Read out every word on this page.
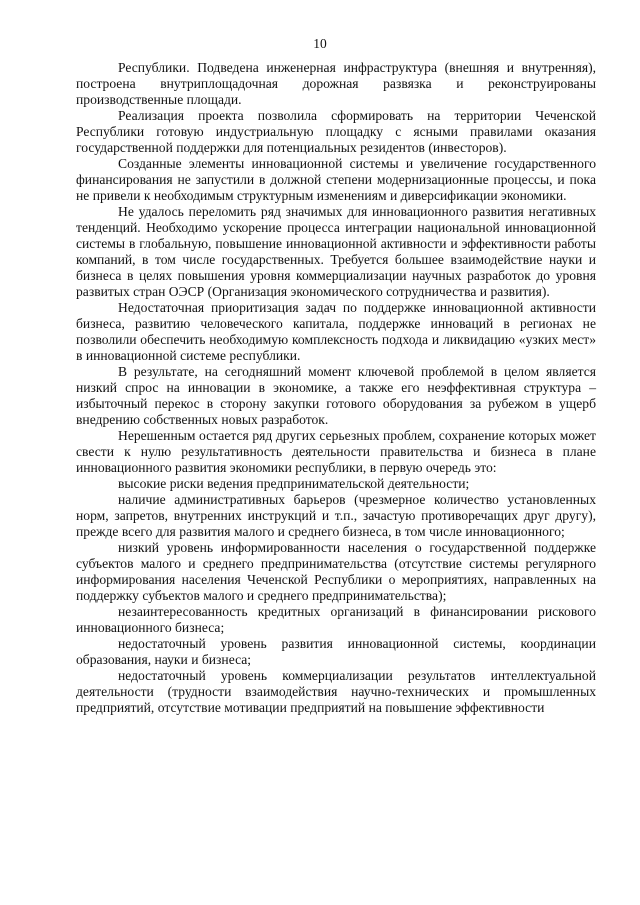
10

Республики. Подведена инженерная инфраструктура (внешняя и внутренняя), построена внутриплощадочная дорожная развязка и реконструированы производственные площади.

Реализация проекта позволила сформировать на территории Чеченской Республики готовую индустриальную площадку с ясными правилами оказания государственной поддержки для потенциальных резидентов (инвесторов).

Созданные элементы инновационной системы и увеличение государственного финансирования не запустили в должной степени модернизационные процессы, и пока не привели к необходимым структурным изменениям и диверсификации экономики.

Не удалось переломить ряд значимых для инновационного развития негативных тенденций. Необходимо ускорение процесса интеграции национальной инновационной системы в глобальную, повышение инновационной активности и эффективности работы компаний, в том числе государственных. Требуется большее взаимодействие науки и бизнеса в целях повышения уровня коммерциализации научных разработок до уровня развитых стран ОЭСР (Организация экономического сотрудничества и развития).

Недостаточная приоритизация задач по поддержке инновационной активности бизнеса, развитию человеческого капитала, поддержке инноваций в регионах не позволили обеспечить необходимую комплексность подхода и ликвидацию «узких мест» в инновационной системе республики.

В результате, на сегодняшний момент ключевой проблемой в целом является низкий спрос на инновации в экономике, а также его неэффективная структура – избыточный перекос в сторону закупки готового оборудования за рубежом в ущерб внедрению собственных новых разработок.

Нерешенным остается ряд других серьезных проблем, сохранение которых может свести к нулю результативность деятельности правительства и бизнеса в плане инновационного развития экономики республики, в первую очередь это:

высокие риски ведения предпринимательской деятельности;

наличие административных барьеров (чрезмерное количество установленных норм, запретов, внутренних инструкций и т.п., зачастую противоречащих друг другу), прежде всего для развития малого и среднего бизнеса, в том числе инновационного;

низкий уровень информированности населения о государственной поддержке субъектов малого и среднего предпринимательства (отсутствие системы регулярного информирования населения Чеченской Республики о мероприятиях, направленных на поддержку субъектов малого и среднего предпринимательства);

незаинтересованность кредитных организаций в финансировании рискового инновационного бизнеса;

недостаточный уровень развития инновационной системы, координации образования, науки и бизнеса;

недостаточный уровень коммерциализации результатов интеллектуальной деятельности (трудности взаимодействия научно-технических и промышленных предприятий, отсутствие мотивации предприятий на повышение эффективности
